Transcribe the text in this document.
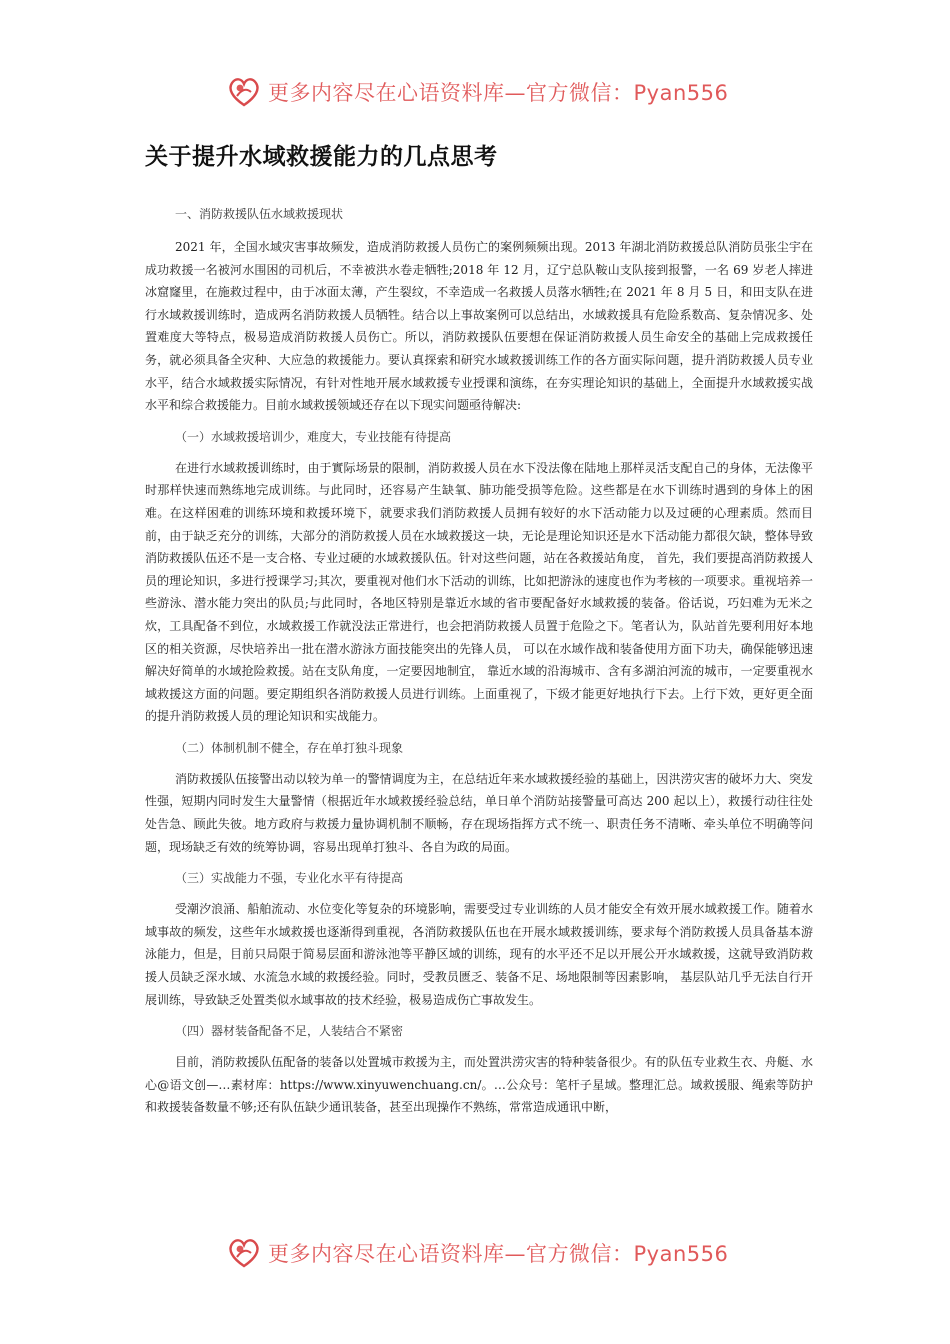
更多内容尽在心语资料库—官方微信：Pyan556
关于提升水域救援能力的几点思考

一、消防救援队伍水域救援现状

2021 年，全国水域灾害事故频发，造成消防救援人员伤亡的案例频频出现。2013 年湖北消防救援总队消防员张尘宇在成功救援一名被河水围困的司机后，不幸被洪水卷走牺牲;2018 年 12 月，辽宁总队鞍山支队接到报警，一名 69 岁老人摔进冰窟窿里，在施救过程中，由于冰面太薄，产生裂纹，不幸造成一名救援人员落水牺牲;在 2021 年 8 月 5 日，和田支队在进行水域救援训练时，造成两名消防救援人员牺牲。结合以上事故案例可以总结出，水域救援具有危险系数高、复杂情况多、处置难度大等特点，极易造成消防救援人员伤亡。所以，消防救援队伍要想在保证消防救援人员生命安全的基础上完成救援任务，就必须具备全灾种、大应急的救援能力。要认真探索和研究水域救援训练工作的各方面实际问题，提升消防救援人员专业水平，结合水域救援实际情况，有针对性地开展水域救援专业授课和演练，在夯实理论知识的基础上，全面提升水域救援实战水平和综合救援能力。目前水域救援领域还存在以下现实问题亟待解决:

（一）水域救援培训少，难度大，专业技能有待提高

在进行水域救援训练时，由于實际场景的限制，消防救援人员在水下没法像在陆地上那样灵活支配自己的身体，无法像平时那样快速而熟练地完成训练。与此同时，还容易产生缺氧、肺功能受损等危险。这些都是在水下训练时遇到的身体上的困难。在这样困难的训练环境和救援环境下，就要求我们消防救援人员拥有较好的水下活动能力以及过硬的心理素质。然而目前，由于缺乏充分的训练，大部分的消防救援人员在水域救援这一块，无论是理论知识还是水下活动能力都很欠缺，整体导致消防救援队伍还不是一支合格、专业过硬的水域救援队伍。针对这些问题，站在各救援站角度， 首先，我们要提高消防救援人员的理论知识，多进行授课学习;其次，要重视对他们水下活动的训练，比如把游泳的速度也作为考核的一项要求。重视培养一些游泳、潜水能力突出的队员;与此同时，各地区特别是靠近水域的省市要配备好水域救援的装备。俗话说，巧妇难为无米之炊，工具配备不到位，水域救援工作就没法正常进行，也会把消防救援人员置于危险之下。笔者认为，队站首先要利用好本地区的相关资源，尽快培养出一批在潜水游泳方面技能突出的先锋人员， 可以在水域作战和装备使用方面下功夫，确保能够迅速解决好简单的水域抢险救援。站在支队角度，一定要因地制宜， 靠近水域的沿海城市、含有多湖泊河流的城市，一定要重视水域救援这方面的问题。要定期组织各消防救援人员进行训练。上面重视了，下级才能更好地执行下去。上行下效，更好更全面的提升消防救援人员的理论知识和实战能力。

（二）体制机制不健全，存在单打独斗现象

消防救援队伍接警出动以较为单一的警情调度为主，在总结近年来水域救援经验的基础上，因洪涝灾害的破坏力大、突发性强，短期内同时发生大量警情（根据近年水域救援经验总结，单日单个消防站接警量可高达 200 起以上），救援行动往往处处告急、顾此失彼。地方政府与救援力量协调机制不顺畅，存在现场指挥方式不统一、职责任务不清晰、牵头单位不明确等问题，现场缺乏有效的统筹协调，容易出现单打独斗、各自为政的局面。

（三）实战能力不强，专业化水平有待提高

受潮汐浪涌、船舶流动、水位变化等复杂的环境影响，需要受过专业训练的人员才能安全有效开展水域救援工作。随着水域事故的频发，这些年水域救援也逐渐得到重视，各消防救援队伍也在开展水域救援训练，要求每个消防救援人员具备基本游泳能力，但是，目前只局限于简易层面和游泳池等平静区域的训练，现有的水平还不足以开展公开水域救援，这就导致消防救援人员缺乏深水域、水流急水域的救援经验。同时，受教员匮乏、装备不足、场地限制等因素影响， 基层队站几乎无法自行开展训练，导致缺乏处置类似水域事故的技术经验，极易造成伤亡事故发生。

（四）器材装备配备不足，人装结合不紧密

目前，消防救援队伍配备的装备以处置城市救援为主，而处置洪涝灾害的特种装备很少。有的队伍专业救生衣、舟艇、水心@语文创—…素材库：https://www.xinyuwenchuang.cn/。…公众号：笔杆子星域。整理汇总。域救援服、绳索等防护和救援装备数量不够;还有队伍缺少通讯装备，甚至出现操作不熟练，常常造成通讯中断，

更多内容尽在心语资料库—官方微信：Pyan556
